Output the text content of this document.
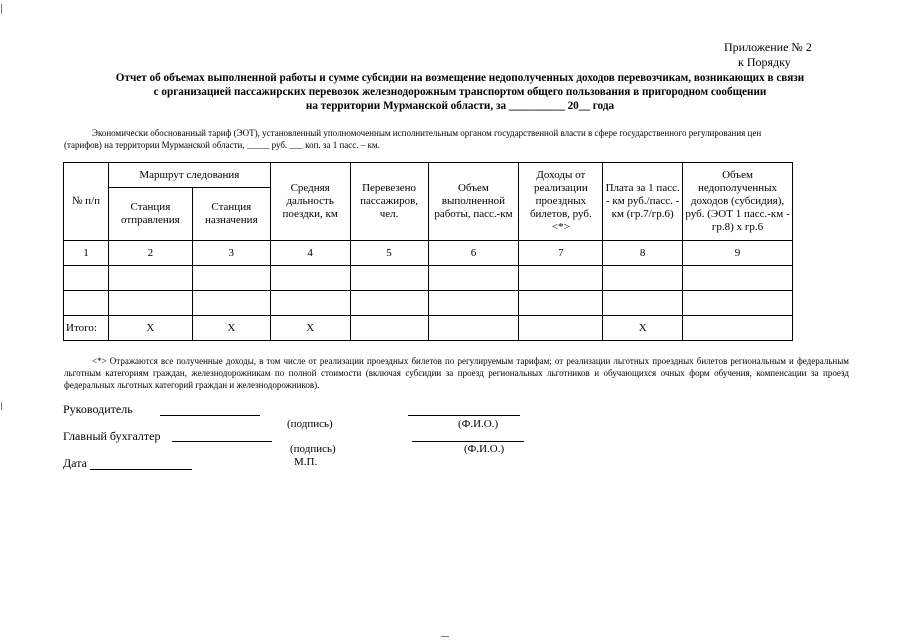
Приложение № 2
к Порядку
Отчет об объемах выполненной работы и сумме субсидии на возмещение недополученных доходов перевозчикам, возникающих в связи
с организацией пассажирских перевозок железнодорожным транспортом общего пользования в пригородном сообщении
на территории Мурманской области, за __________ 20__ года
Экономически обоснованный тариф (ЭОТ), установленный уполномоченным исполнительным органом государственной власти в сфере государственного регулирования цен
(тарифов) на территории Мурманской области, _____ руб. ___ коп. за 1 пасс. – км.
№ п/п	Маршрут следования		Средняя дальность поездки, км	Перевезено пассажиров, чел.	Объем выполненной работы, пасс.-км	Доходы от реализации проездных билетов, руб. <*>	Плата за 1 пасс. - км руб./пасс. - км (гр.7/гр.6)	Объем недополученных доходов (субсидия), руб. (ЭОТ 1 пасс.-км - гр.8) х гр.6
	Станция отправления	Станция назначения						
1	2	3	4	5	6	7	8	9

Итого:	Х	Х	Х				Х	
<*> Отражаются все полученные доходы, в том числе от реализации проездных билетов по регулируемым тарифам; от реализации льготных проездных билетов региональным и федеральным льготным категориям граждан, железнодорожникам по полной стоимости (включая субсидии за проезд региональных льготников и обучающихся очных форм обучения, компенсации за проезд федеральных льготных категорий граждан и железнодорожников).
Руководитель
(подпись)	(Ф.И.О.)
Главный бухгалтер
(подпись)	(Ф.И.О.)
Дата	М.П.
